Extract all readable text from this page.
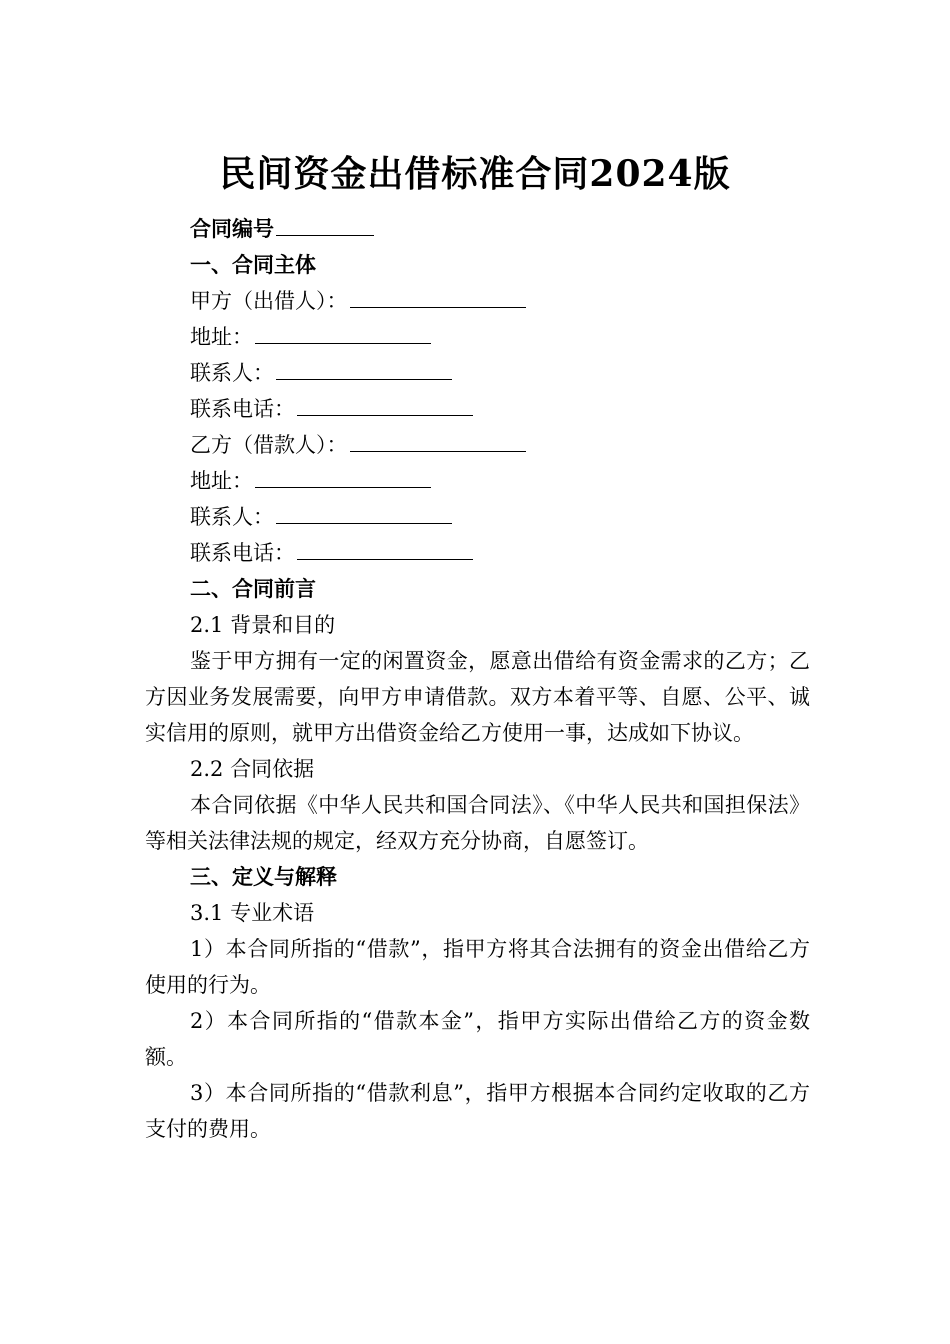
民间资金出借标准合同2024版
合同编号
一、合同主体
甲方（出借人）：
地址：
联系人：
联系电话：
乙方（借款人）：
地址：
联系人：
联系电话：
二、合同前言
2.1 背景和目的
鉴于甲方拥有一定的闲置资金，愿意出借给有资金需求的乙方；乙方因业务发展需要，向甲方申请借款。双方本着平等、自愿、公平、诚实信用的原则，就甲方出借资金给乙方使用一事，达成如下协议。
2.2 合同依据
本合同依据《中华人民共和国合同法》、《中华人民共和国担保法》等相关法律法规的规定，经双方充分协商，自愿签订。
三、定义与解释
3.1 专业术语
1）本合同所指的“借款”，指甲方将其合法拥有的资金出借给乙方使用的行为。
2）本合同所指的“借款本金”，指甲方实际出借给乙方的资金数额。
3）本合同所指的“借款利息”，指甲方根据本合同约定收取的乙方支付的费用。
